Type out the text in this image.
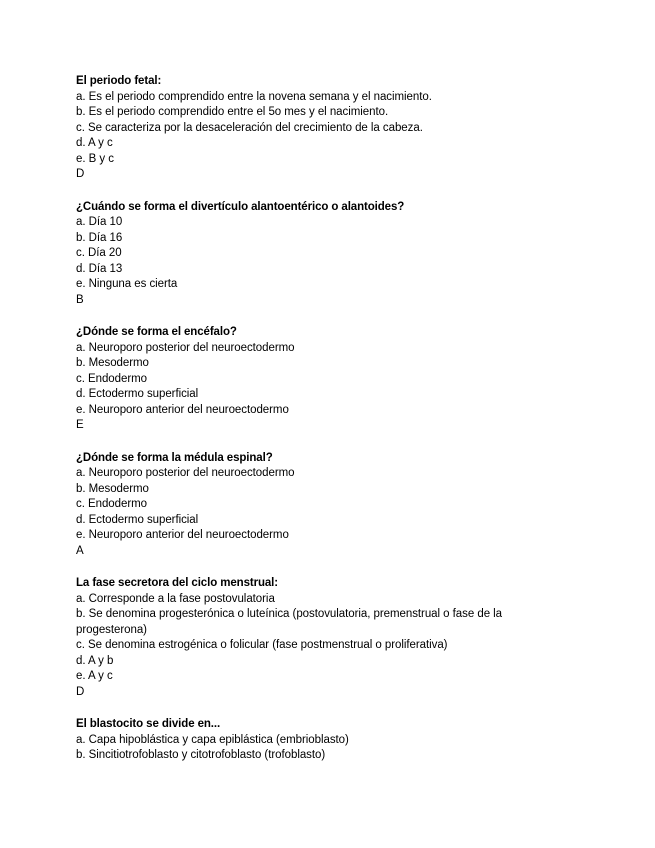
El periodo fetal:
a. Es el periodo comprendido entre la novena semana y el nacimiento.
b. Es el periodo comprendido entre el 5o mes y el nacimiento.
c. Se caracteriza por la desaceleración del crecimiento de la cabeza.
d. A y c
e. B y c
D
¿Cuándo se forma el divertículo alantoentérico o alantoides?
a. Día 10
b. Día 16
c. Día 20
d. Día 13
e. Ninguna es cierta
B
¿Dónde se forma el encéfalo?
a. Neuroporo posterior del neuroectodermo
b. Mesodermo
c. Endodermo
d. Ectodermo superficial
e. Neuroporo anterior del neuroectodermo
E
¿Dónde se forma la médula espinal?
a. Neuroporo posterior del neuroectodermo
b. Mesodermo
c. Endodermo
d. Ectodermo superficial
e. Neuroporo anterior del neuroectodermo
A
La fase secretora del ciclo menstrual:
a. Corresponde a la fase postovulatoria
b. Se denomina progesterónica o luteínica (postovulatoria, premenstrual o fase de la progesterona)
c. Se denomina estrogénica o folicular (fase postmenstrual o proliferativa)
d. A y b
e. A y c
D
El blastocito se divide en...
a. Capa hipoblástica y capa epiblástica (embrioblasto)
b. Sincitiotrofoblasto y citotrofoblasto (trofoblasto)
